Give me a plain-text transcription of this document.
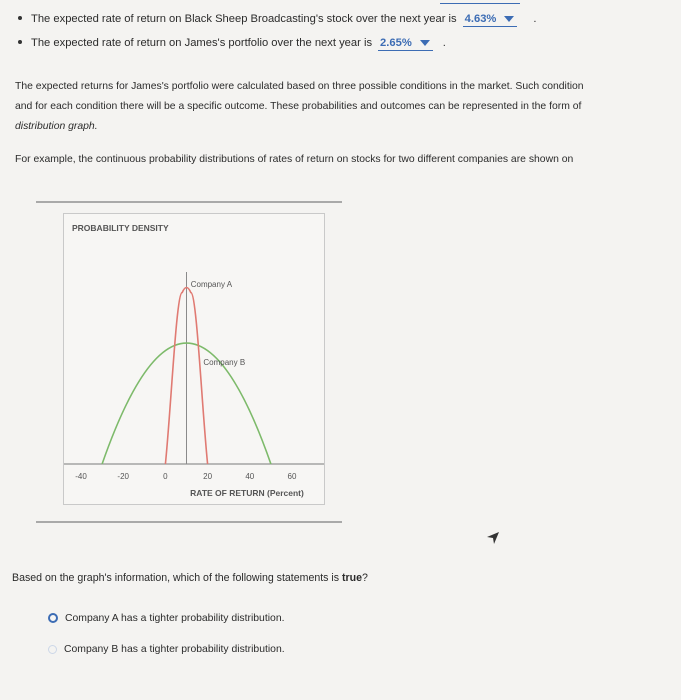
The expected rate of return on Black Sheep Broadcasting's stock over the next year is 4.63%	.
The expected rate of return on James's portfolio over the next year is 2.65%	.
The expected returns for James's portfolio were calculated based on three possible conditions in the market. Such condition
and for each condition there will be a specific outcome. These probabilities and outcomes can be represented in the form of
distribution graph.
For example, the continuous probability distributions of rates of return on stocks for two different companies are shown on
PROBABILITY DENSITY
Company A
Company B
-40	-20	0	20	40	60
RATE OF RETURN (Percent)
Based on the graph's information, which of the following statements is true?
Company A has a tighter probability distribution.
Company B has a tighter probability distribution.
